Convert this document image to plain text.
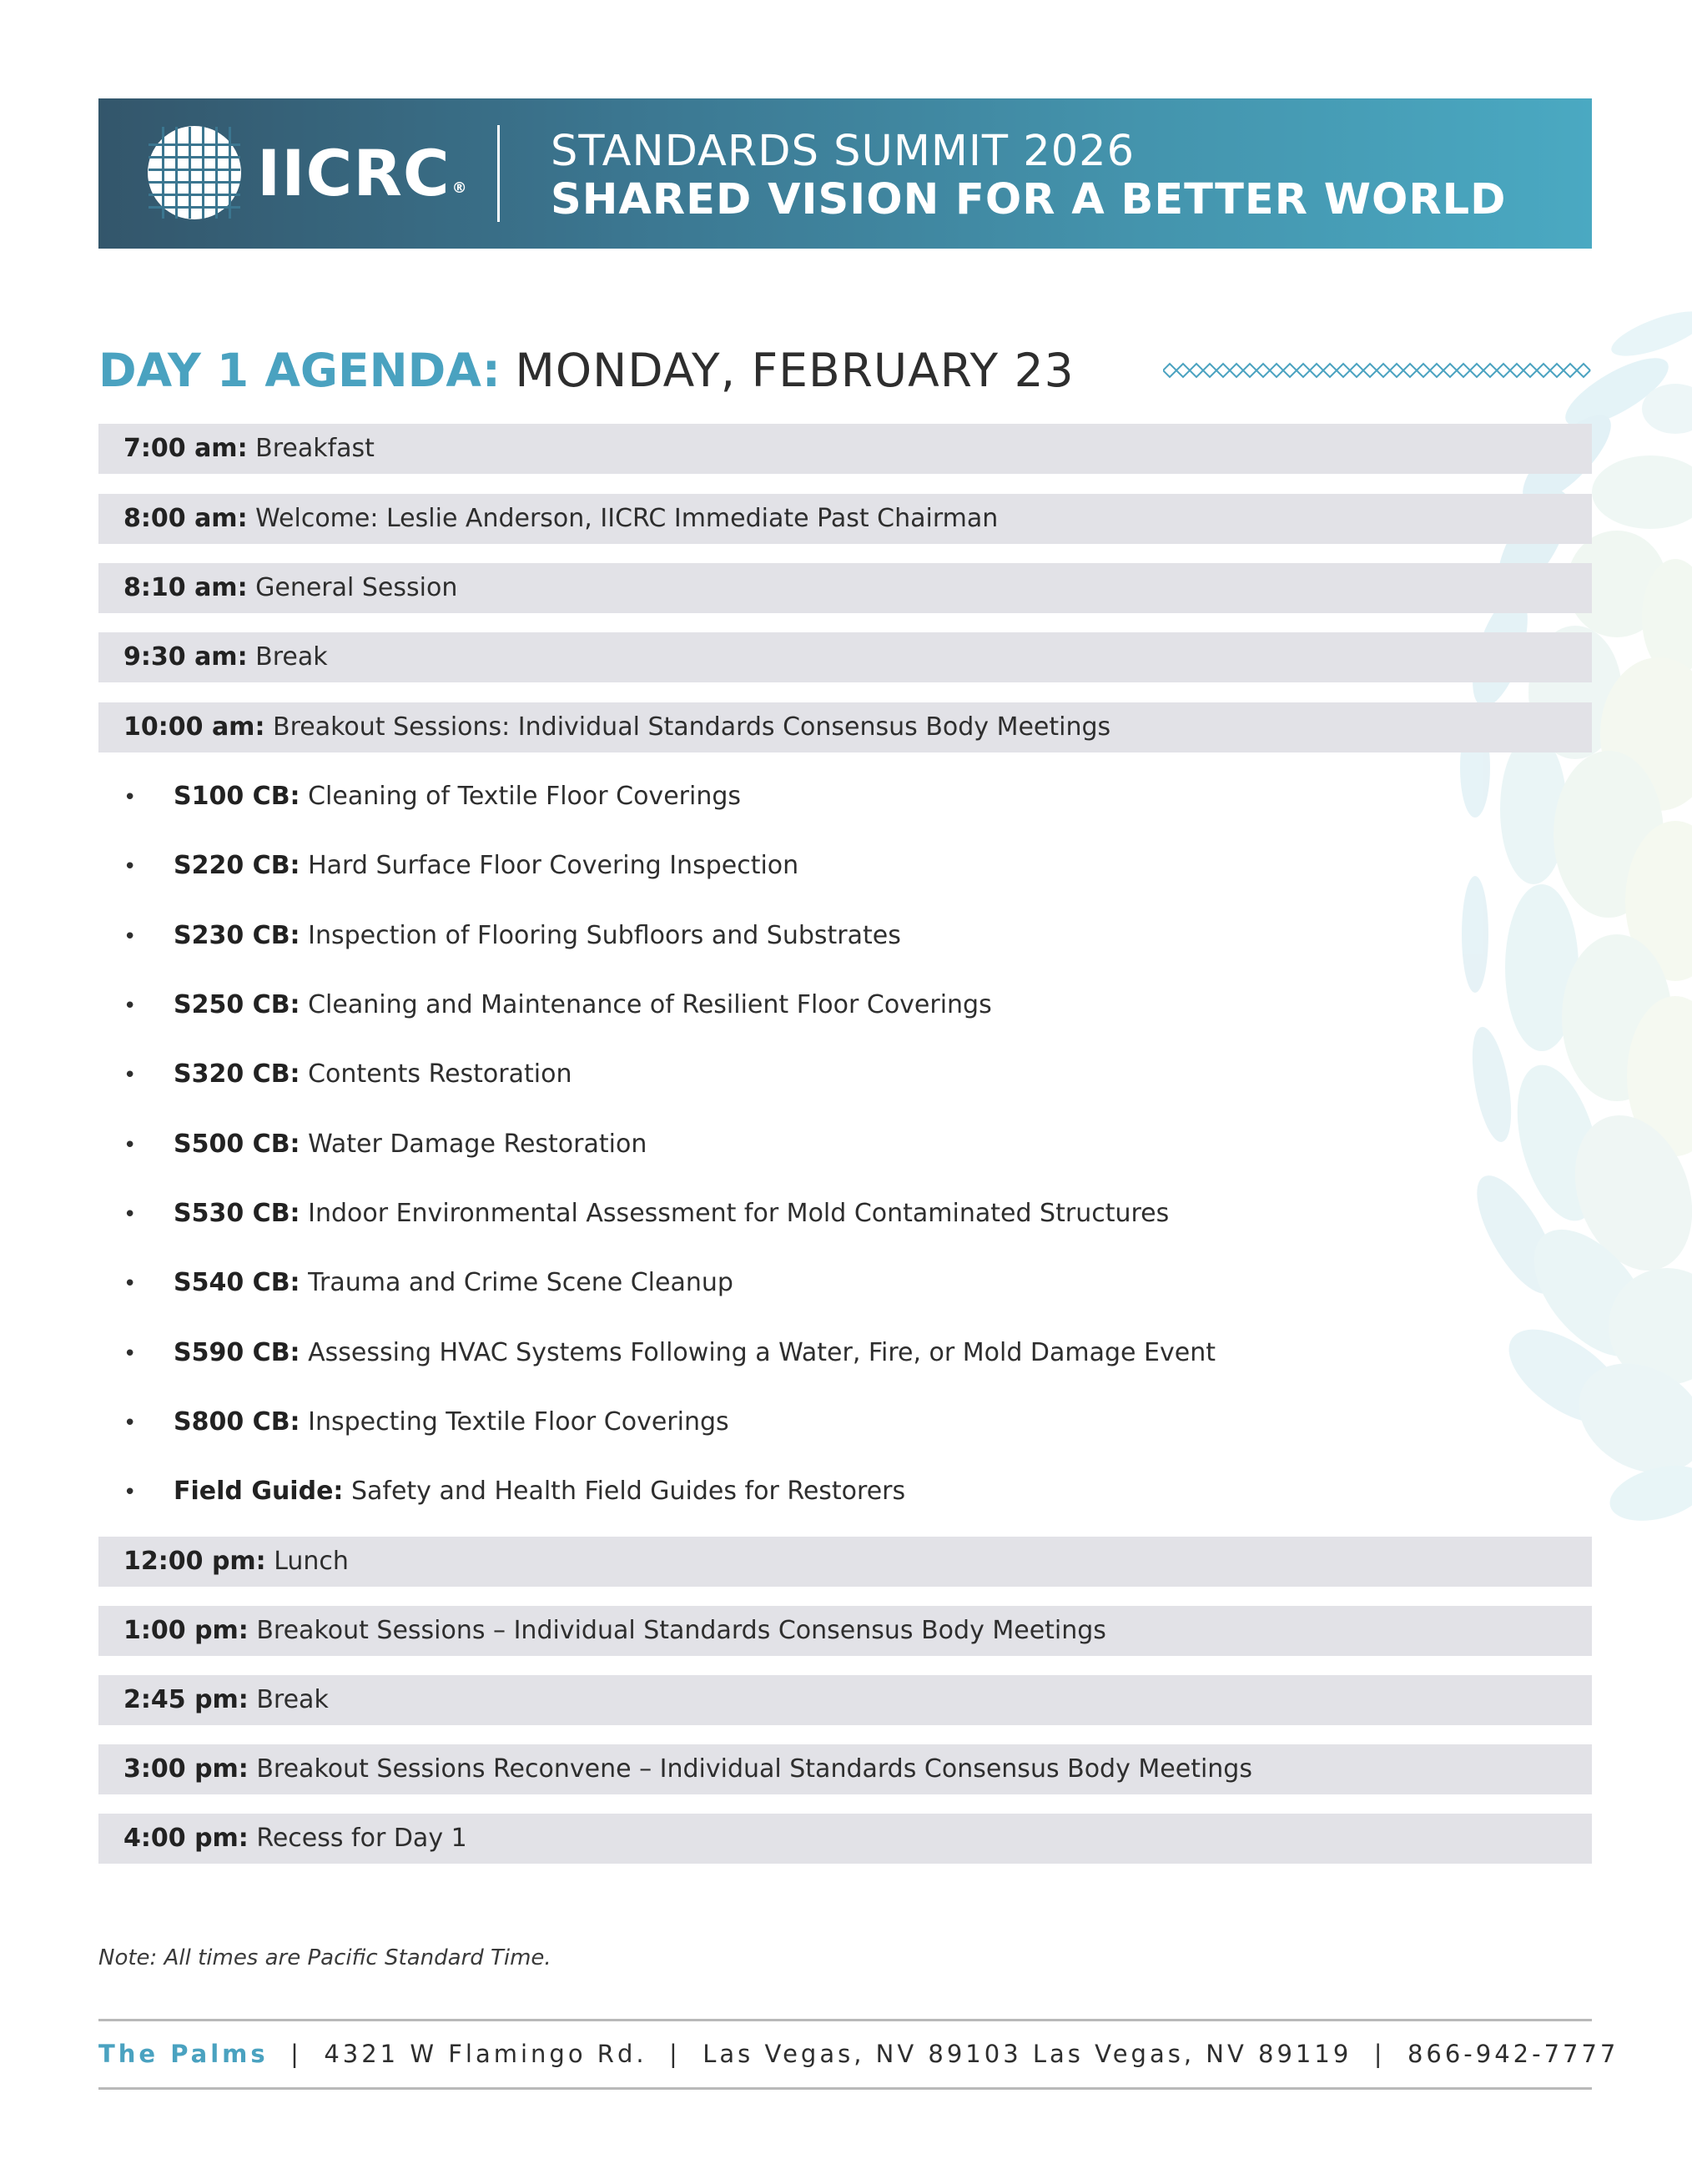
IICRC ®
STANDARDS SUMMIT 2026
SHARED VISION FOR A BETTER WORLD
DAY 1 AGENDA: MONDAY, FEBRUARY 23
7:00 am: Breakfast
8:00 am: Welcome: Leslie Anderson, IICRC Immediate Past Chairman
8:10 am: General Session
9:30 am: Break
10:00 am: Breakout Sessions: Individual Standards Consensus Body Meetings
• S100 CB: Cleaning of Textile Floor Coverings
• S220 CB: Hard Surface Floor Covering Inspection
• S230 CB: Inspection of Flooring Subfloors and Substrates
• S250 CB: Cleaning and Maintenance of Resilient Floor Coverings
• S320 CB: Contents Restoration
• S500 CB: Water Damage Restoration
• S530 CB: Indoor Environmental Assessment for Mold Contaminated Structures
• S540 CB: Trauma and Crime Scene Cleanup
• S590 CB: Assessing HVAC Systems Following a Water, Fire, or Mold Damage Event
• S800 CB: Inspecting Textile Floor Coverings
• Field Guide: Safety and Health Field Guides for Restorers
12:00 pm: Lunch
1:00 pm: Breakout Sessions – Individual Standards Consensus Body Meetings
2:45 pm: Break
3:00 pm: Breakout Sessions Reconvene – Individual Standards Consensus Body Meetings
4:00 pm: Recess for Day 1
Note: All times are Pacific Standard Time.
The Palms | 4321 W Flamingo Rd. | Las Vegas, NV 89103 Las Vegas, NV 89119 | 866-942-7777
